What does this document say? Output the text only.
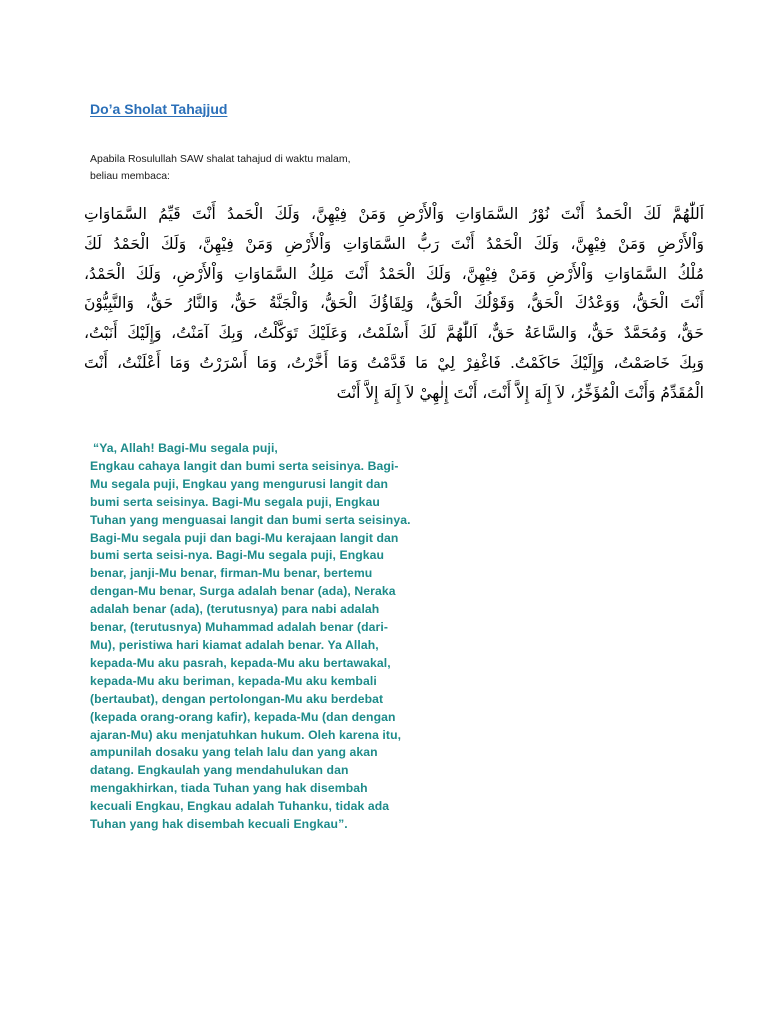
Do’a Sholat Tahajjud

Apabila Rosulullah SAW shalat tahajud di waktu malam,
beliau membaca:

اَللّٰهُمَّ لَكَ الْحَمدُ أَنْتَ نُوْرُ السَّمَاوَاتِ وَاْلأَرْضِ وَمَنْ فِيْهِنَّ، وَلَكَ الْحَمدُ أَنْتَ قَيِّمُ السَّمَاوَاتِ
وَاْلأَرْضِ وَمَنْ فِيْهِنَّ، وَلَكَ الْحَمْدُ أَنْتَ رَبُّ السَّمَاوَاتِ وَاْلأَرْضِ وَمَنْ فِيْهِنَّ، وَلَكَ الْحَمْدُ لَكَ
مُلْكُ السَّمَاوَاتِ وَاْلأَرْضِ وَمَنْ فِيْهِنَّ، وَلَكَ الْحَمْدُ أَنْتَ مَلِكُ السَّمَاوَاتِ وَاْلأَرْضِ، وَلَكَ الْحَمْدُ،
أَنْتَ الْحَقُّ، وَوَعْدُكَ الْحَقُّ، وَقَوْلُكَ الْحَقُّ، وَلِقَاؤُكَ الْحَقُّ، وَالْجَنَّةُ حَقٌّ، وَالنَّارُ حَقٌّ، وَالنَّبِيُّوْنَ
حَقٌّ، وَمُحَمَّدٌ حَقٌّ، وَالسَّاعَةُ حَقٌّ، اَللّٰهُمَّ لَكَ أَسْلَمْتُ، وَعَلَيْكَ تَوَكَّلْتُ، وَبِكَ آمَنْتُ، وَإِلَيْكَ أَنَبْتُ،
وَبِكَ خَاصَمْتُ، وَإِلَيْكَ حَاكَمْتُ. فَاغْفِرْ لِيْ مَا قَدَّمْتُ وَمَا أَخَّرْتُ، وَمَا أَسْرَرْتُ وَمَا أَعْلَنْتُ، أَنْتَ
الْمُقَدِّمُ وَأَنْتَ الْمُؤَخِّرُ، لاَ إِلَهَ إِلاَّ أَنْتَ، أَنْتَ إِلٰهِيْ لاَ إِلَهَ إِلاَّ أَنْتَ

“Ya, Allah! Bagi-Mu segala puji,
Engkau cahaya langit dan bumi serta seisinya. Bagi-
Mu segala puji, Engkau yang mengurusi langit dan
bumi serta seisinya. Bagi-Mu segala puji, Engkau
Tuhan yang menguasai langit dan bumi serta seisinya.
Bagi-Mu segala puji dan bagi-Mu kerajaan langit dan
bumi serta seisi-nya. Bagi-Mu segala puji, Engkau
benar, janji-Mu benar, firman-Mu benar, bertemu
dengan-Mu benar, Surga adalah benar (ada), Neraka
adalah benar (ada), (terutusnya) para nabi adalah
benar, (terutusnya) Muhammad adalah benar (dari-
Mu), peristiwa hari kiamat adalah benar. Ya Allah,
kepada-Mu aku pasrah, kepada-Mu aku bertawakal,
kepada-Mu aku beriman, kepada-Mu aku kembali
(bertaubat), dengan pertolongan-Mu aku berdebat
(kepada orang-orang kafir), kepada-Mu (dan dengan
ajaran-Mu) aku menjatuhkan hukum. Oleh karena itu,
ampunilah dosaku yang telah lalu dan yang akan
datang. Engkaulah yang mendahulukan dan
mengakhirkan, tiada Tuhan yang hak disembah
kecuali Engkau, Engkau adalah Tuhanku, tidak ada
Tuhan yang hak disembah kecuali Engkau”.
